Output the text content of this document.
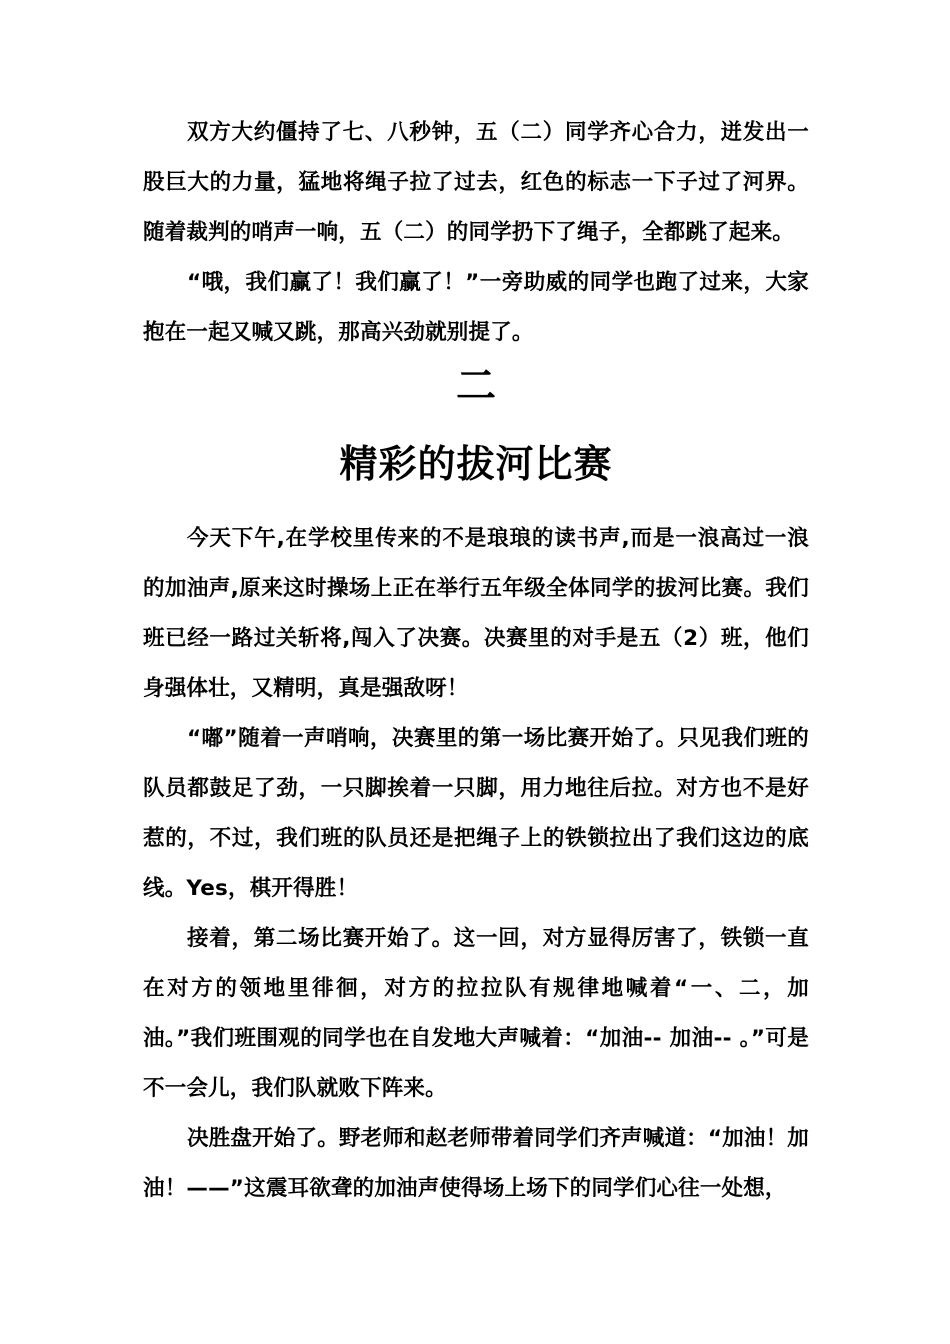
双方大约僵持了七、八秒钟，五（二）同学齐心合力，迸发出一股巨大的力量，猛地将绳子拉了过去，红色的标志一下子过了河界。随着裁判的哨声一响，五（二）的同学扔下了绳子，全都跳了起来。

“哦，我们赢了！我们赢了！”一旁助威的同学也跑了过来，大家抱在一起又喊又跳，那高兴劲就别提了。

二
精彩的拔河比赛

今天下午,在学校里传来的不是琅琅的读书声,而是一浪高过一浪的加油声,原来这时操场上正在举行五年级全体同学的拔河比赛。我们班已经一路过关斩将,闯入了决赛。决赛里的对手是五（2）班，他们身强体壮，又精明，真是强敌呀！

“嘟”随着一声哨响，决赛里的第一场比赛开始了。只见我们班的队员都鼓足了劲，一只脚挨着一只脚，用力地往后拉。对方也不是好惹的，不过，我们班的队员还是把绳子上的铁锁拉出了我们这边的底线。Yes，棋开得胜！

接着，第二场比赛开始了。这一回，对方显得厉害了，铁锁一直在对方的领地里徘徊，对方的拉拉队有规律地喊着“一、二，加油。”我们班围观的同学也在自发地大声喊着：“加油-- 加油-- 。”可是不一会儿，我们队就败下阵来。

决胜盘开始了。野老师和赵老师带着同学们齐声喊道：“加油！加油！——”这震耳欲聋的加油声使得场上场下的同学们心往一处想，
